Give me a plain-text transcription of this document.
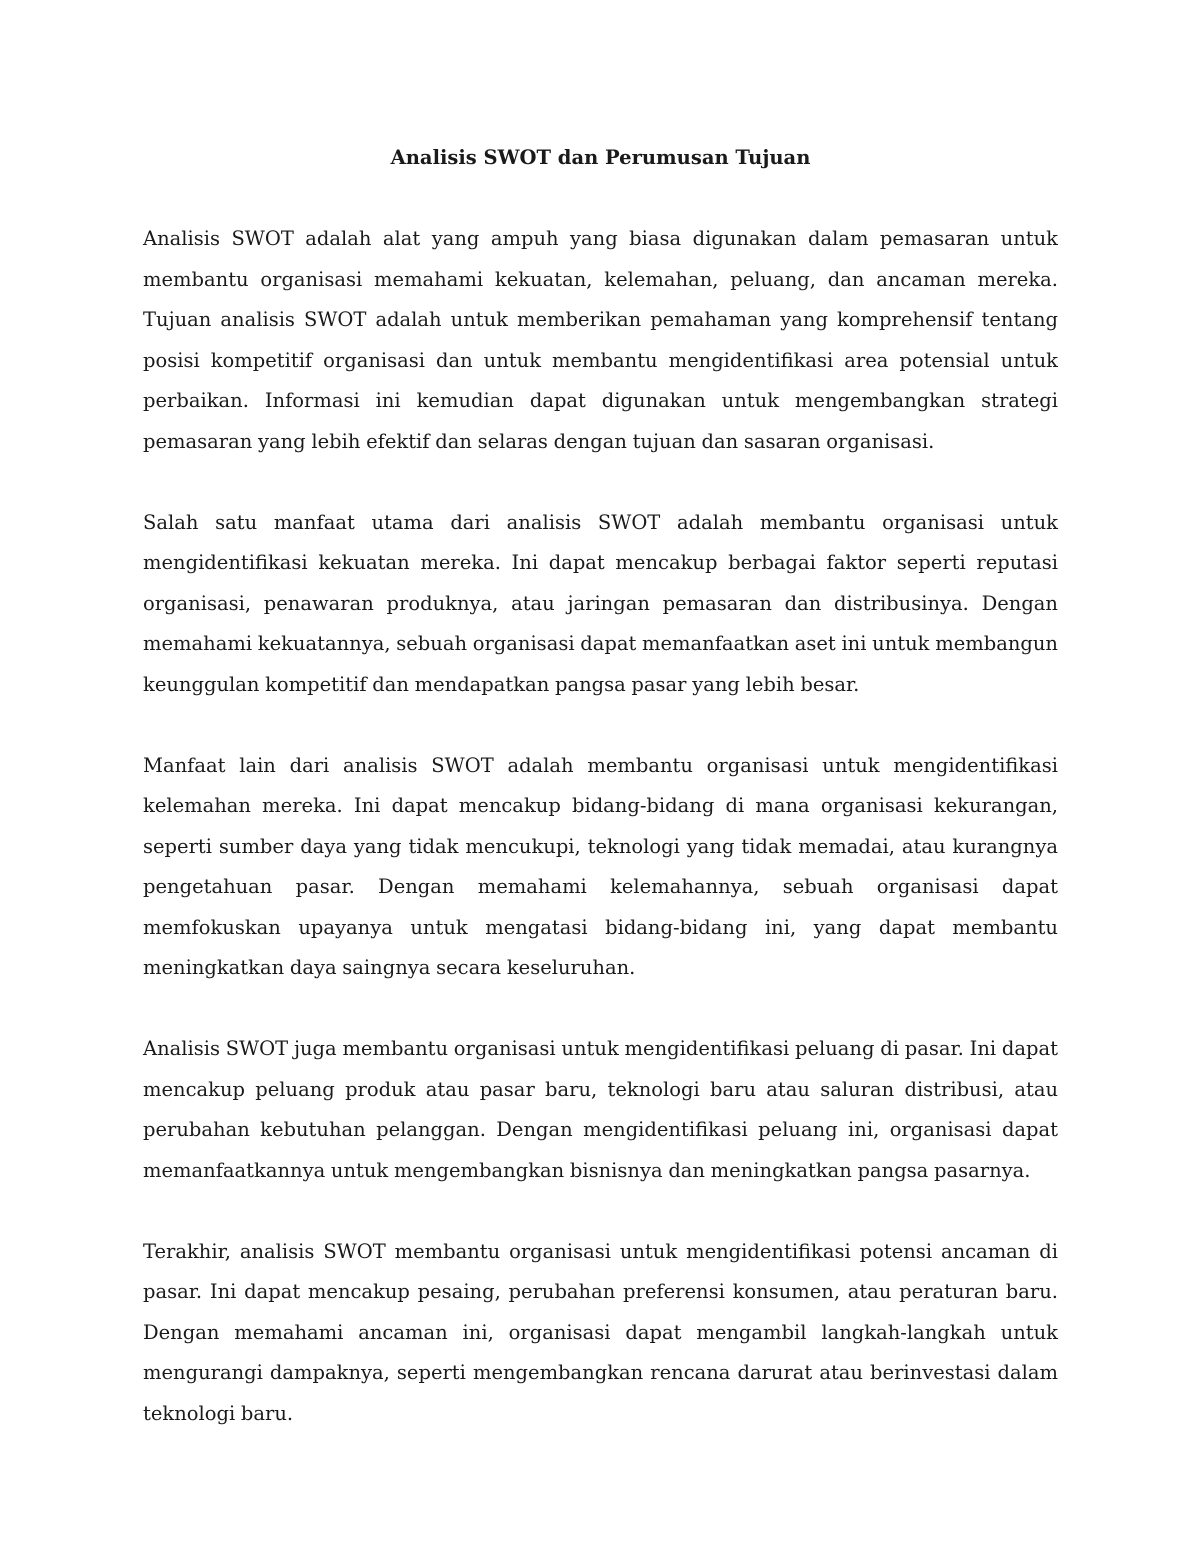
Analisis SWOT dan Perumusan Tujuan

Analisis SWOT adalah alat yang ampuh yang biasa digunakan dalam pemasaran untuk membantu organisasi memahami kekuatan, kelemahan, peluang, dan ancaman mereka. Tujuan analisis SWOT adalah untuk memberikan pemahaman yang komprehensif tentang posisi kompetitif organisasi dan untuk membantu mengidentifikasi area potensial untuk perbaikan. Informasi ini kemudian dapat digunakan untuk mengembangkan strategi pemasaran yang lebih efektif dan selaras dengan tujuan dan sasaran organisasi.

Salah satu manfaat utama dari analisis SWOT adalah membantu organisasi untuk mengidentifikasi kekuatan mereka. Ini dapat mencakup berbagai faktor seperti reputasi organisasi, penawaran produknya, atau jaringan pemasaran dan distribusinya. Dengan memahami kekuatannya, sebuah organisasi dapat memanfaatkan aset ini untuk membangun keunggulan kompetitif dan mendapatkan pangsa pasar yang lebih besar.

Manfaat lain dari analisis SWOT adalah membantu organisasi untuk mengidentifikasi kelemahan mereka. Ini dapat mencakup bidang-bidang di mana organisasi kekurangan, seperti sumber daya yang tidak mencukupi, teknologi yang tidak memadai, atau kurangnya pengetahuan pasar. Dengan memahami kelemahannya, sebuah organisasi dapat memfokuskan upayanya untuk mengatasi bidang-bidang ini, yang dapat membantu meningkatkan daya saingnya secara keseluruhan.

Analisis SWOT juga membantu organisasi untuk mengidentifikasi peluang di pasar. Ini dapat mencakup peluang produk atau pasar baru, teknologi baru atau saluran distribusi, atau perubahan kebutuhan pelanggan. Dengan mengidentifikasi peluang ini, organisasi dapat memanfaatkannya untuk mengembangkan bisnisnya dan meningkatkan pangsa pasarnya.

Terakhir, analisis SWOT membantu organisasi untuk mengidentifikasi potensi ancaman di pasar. Ini dapat mencakup pesaing, perubahan preferensi konsumen, atau peraturan baru. Dengan memahami ancaman ini, organisasi dapat mengambil langkah-langkah untuk mengurangi dampaknya, seperti mengembangkan rencana darurat atau berinvestasi dalam teknologi baru.
